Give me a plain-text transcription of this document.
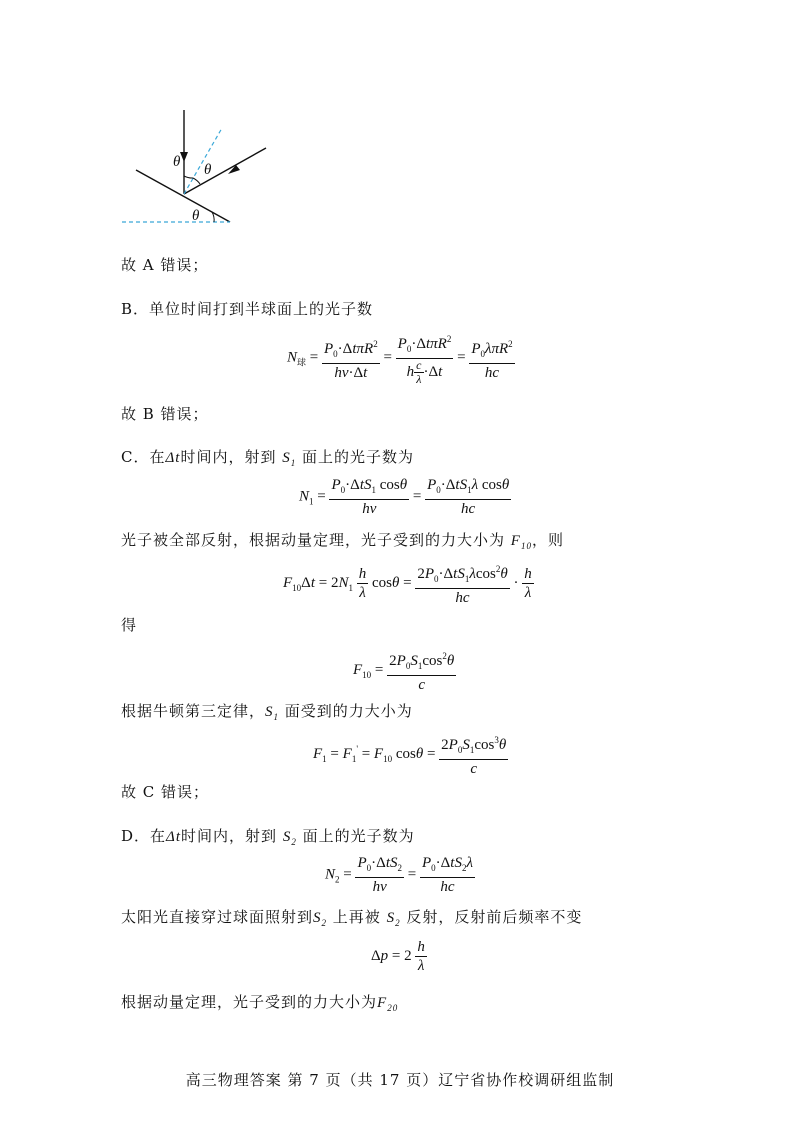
θ θ
θ
故 A 错误；
B．单位时间打到半球面上的光子数
$N_球 = \frac{P_0\cdot\Delta t\pi R^2}{h\nu\cdot\Delta t} = \frac{P_0\cdot\Delta t\pi R^2}{h \frac{c}{\lambda} \cdot\Delta t} = \frac{P_0\lambda\pi R^2}{hc}$
故 B 错误；
C．在Δt时间内，射到 $S_1$ 面上的光子数为
$N_1 = \frac{P_0\cdot\Delta tS_1 \cos\theta}{h\nu} = \frac{P_0\cdot\Delta tS_1\lambda \cos\theta}{hc}$
光子被全部反射，根据动量定理，光子受到的力大小为 $F_{10}$，则
$F_{10}\Delta t = 2N_1 \frac{h}{\lambda}$ $\cos\theta = \frac{2P_0\cdot\Delta tS_1\lambda\cos^2\theta}{hc} \cdot \frac{h}{\lambda}$
得
$F_{10} = \frac{2P_0S_1\cos^2\theta}{c}$
根据牛顿第三定律，$S_1$ 面受到的力大小为
$F_1 = F_1' = F_{10}$ $\cos\theta = \frac{2P_0S_1\cos^3\theta}{c}$
故 C 错误；
D．在Δt时间内，射到 $S_2$ 面上的光子数为
$N_2 = \frac{P_0\cdot\Delta tS_2}{h\nu} = \frac{P_0\cdot\Delta tS_2\lambda}{hc}$
太阳光直接穿过球面照射到$S_2$ 上再被 $S_2$ 反射，反射前后频率不变
$\Delta p = 2 \frac{h}{\lambda}$
根据动量定理，光子受到的力大小为$F_{20}$
高三物理答案 第 7 页（共 17 页）辽宁省协作校调研组监制
